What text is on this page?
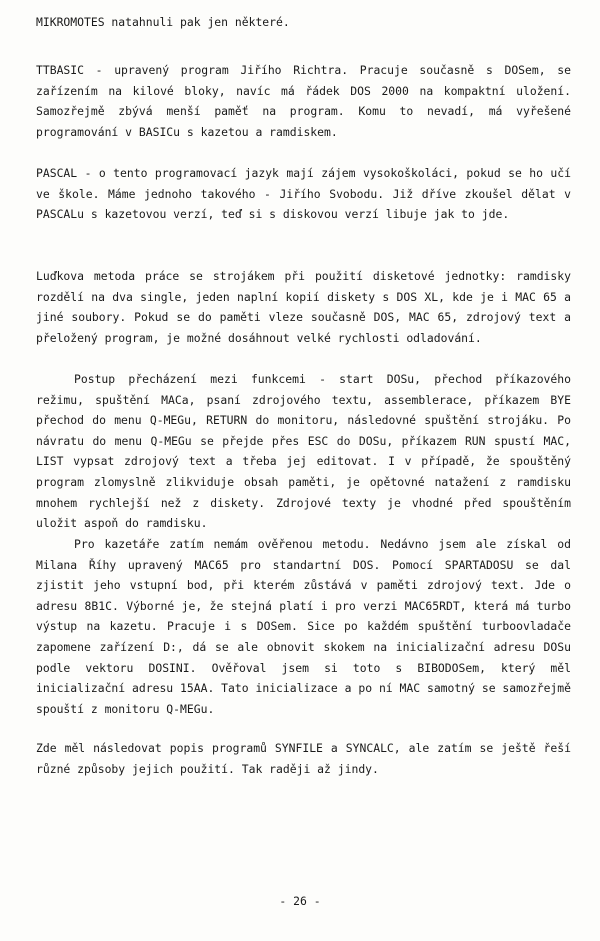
MIKROMOTES natahnuli pak jen některé.

TTBASIC - upravený program Jiřího Richtra. Pracuje současně s DOSem, se zařízením na kilové bloky, navíc má řádek DOS 2000 na kompaktní uložení. Samozřejmě zbývá menší paměť na program. Komu to nevadí, má vyřešené programování v BASICu s kazetou a ramdiskem.

PASCAL - o tento programovací jazyk mají zájem vysokoškoláci, pokud se ho učí ve škole. Máme jednoho takového - Jiřího Svobodu. Již dříve zkoušel dělat v PASCALu s kazetovou verzí, teď si s diskovou verzí libuje jak to jde.

Luďkova metoda práce se strojákem při použití disketové jednotky: ramdisky rozdělí na dva single, jeden naplní kopií diskety s DOS XL, kde je i MAC 65 a jiné soubory. Pokud se do paměti vleze současně DOS, MAC 65, zdrojový text a přeložený program, je možné dosáhnout velké rychlosti odladování.

Postup přecházení mezi funkcemi - start DOSu, přechod příkazového režimu, spuštění MACa, psaní zdrojového textu, assemblerace, příkazem BYE přechod do menu Q-MEGu, RETURN do monitoru, následovné spuštění strojáku. Po návratu do menu Q-MEGu se přejde přes ESC do DOSu, příkazem RUN spustí MAC, LIST vypsat zdrojový text a třeba jej editovat. I v případě, že spouštěný program zlomyslně zlikviduje obsah paměti, je opětovné natažení z ramdisku mnohem rychlejší než z diskety. Zdrojové texty je vhodné před spouštěním uložit aspoň do ramdisku.

Pro kazetáře zatím nemám ověřenou metodu. Nedávno jsem ale získal od Milana Říhy upravený MAC65 pro standartní DOS. Pomocí SPARTADOSU se dal zjistit jeho vstupní bod, při kterém zůstává v paměti zdrojový text. Jde o adresu 8B1C. Výborné je, že stejná platí i pro verzi MAC65RDT, která má turbo výstup na kazetu. Pracuje i s DOSem. Sice po každém spuštění turboovladače zapomene zařízení D:, dá se ale obnovit skokem na inicializační adresu DOSu podle vektoru DOSINI. Ověřoval jsem si toto s BIBODOSem, který měl inicializační adresu 15AA. Tato inicializace a po ní MAC samotný se samozřejmě spouští z monitoru Q-MEGu.

Zde měl následovat popis programů SYNFILE a SYNCALC, ale zatím se ještě řeší různé způsoby jejich použití. Tak raději až jindy.

- 26 -
